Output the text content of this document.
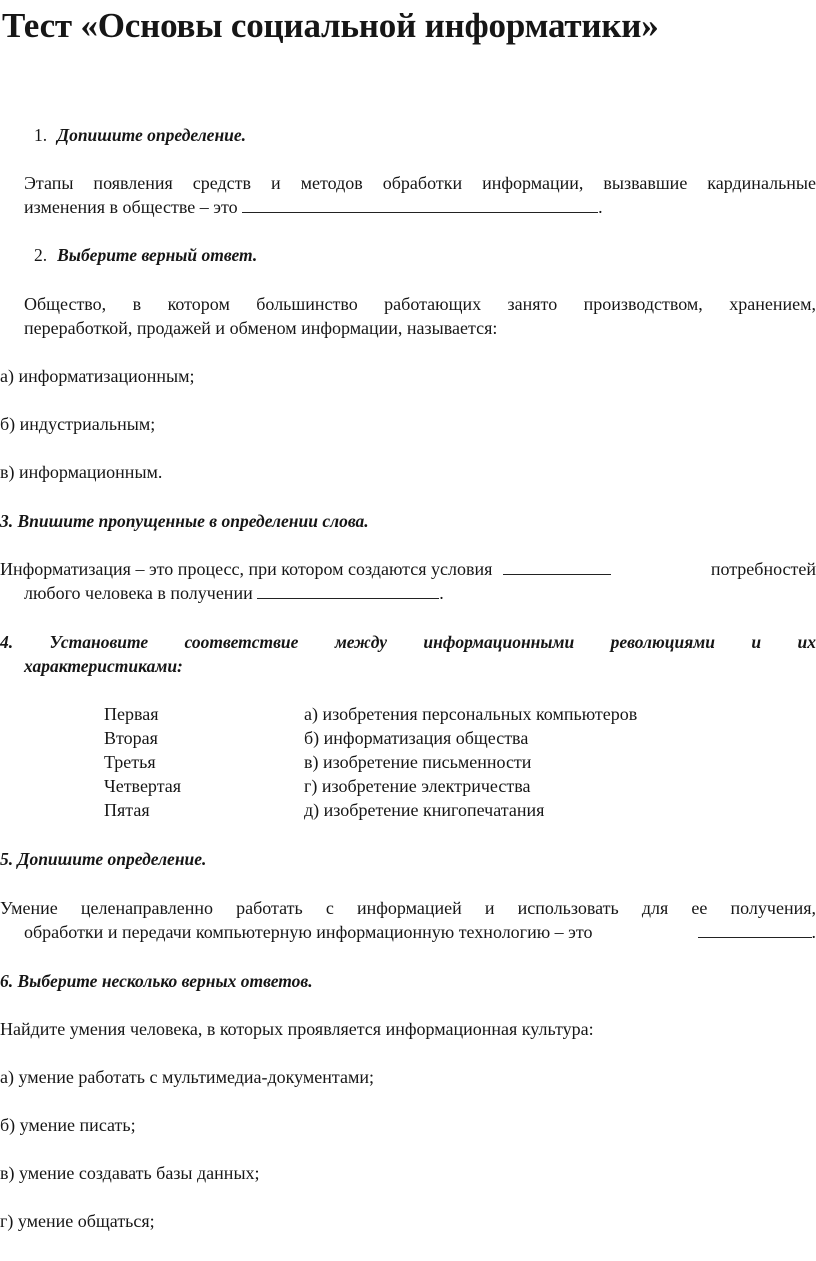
Тест «Основы социальной информатики»
1. Допишите определение.
Этапы появления средств и методов обработки информации, вызвавшие кардинальные
изменения в обществе – это	.
2. Выберите верный ответ.
Общество, в котором большинство работающих занято производством, хранением,
переработкой, продажей и обменом информации, называется:
а) информатизационным;
б) индустриальным;
в) информационным.
3. Впишите пропущенные в определении слова.
Информатизация – это процесс, при котором создаются условия	потребностей
любого человека в получении	.
4. Установите соответствие между информационными революциями и их
характеристиками:
Первая	а) изобретения персональных компьютеров
Вторая	б) информатизация общества
Третья	в) изобретение письменности
Четвертая	г) изобретение электричества
Пятая	д) изобретение книгопечатания
5. Допишите определение.
Умение целенаправленно работать с информацией и использовать для ее получения,
обработки и передачи компьютерную информационную технологию – это	.
6. Выберите несколько верных ответов.
Найдите умения человека, в которых проявляется информационная культура:
а) умение работать с мультимедиа-документами;
б) умение писать;
в) умение создавать базы данных;
г) умение общаться;
